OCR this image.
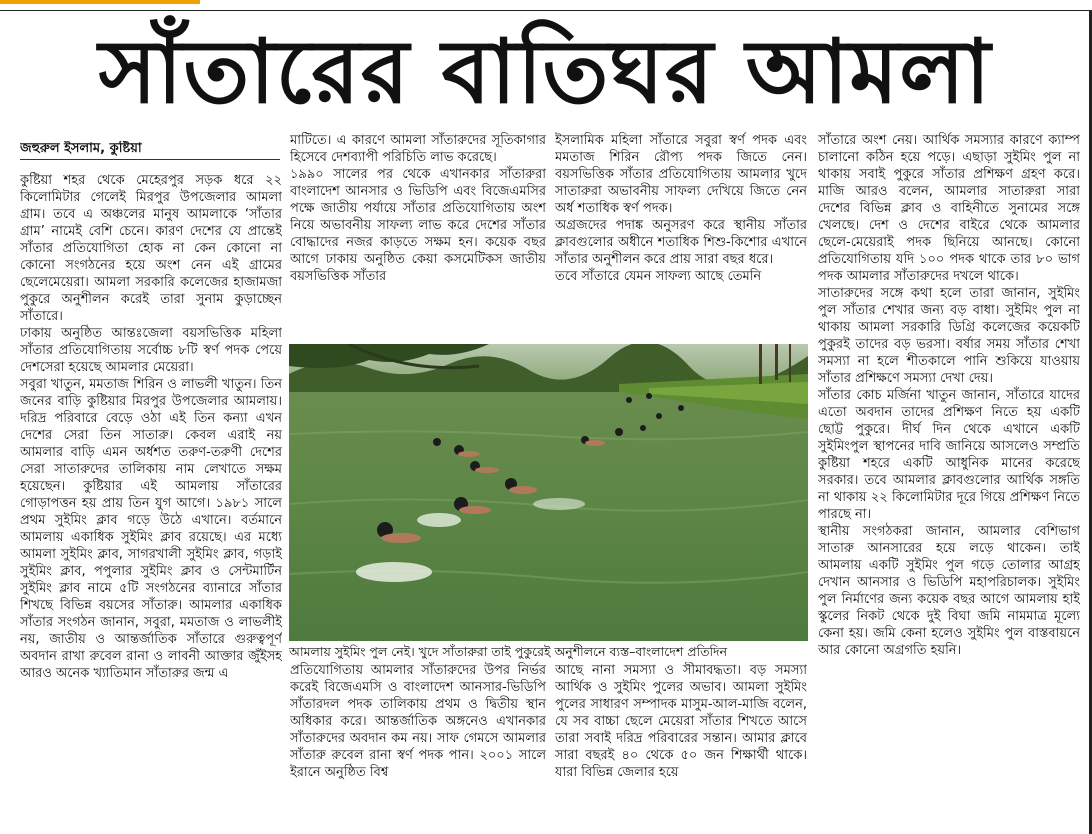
সাঁতারের বাতিঘর আমলা
জহুরুল ইসলাম, কুষ্টিয়া

কুষ্টিয়া শহর থেকে মেহেরপুর সড়ক ধরে ২২ কিলোমিটার গেলেই মিরপুর উপজেলার আমলা গ্রাম। তবে এ অঞ্চলের মানুষ আমলাকে ‘সাঁতার গ্রাম’ নামেই বেশি চেনে। কারণ দেশের যে প্রান্তেই সাঁতার প্রতিযোগিতা হোক না কেন কোনো না কোনো সংগঠনের হয়ে অংশ নেন এই গ্রামের ছেলেমেয়েরা। আমলা সরকারি কলেজের হাজামজা পুকুরে অনুশীলন করেই তারা সুনাম কুড়াচ্ছেন সাঁতারে।

ঢাকায় অনুষ্ঠিত আন্তঃজেলা বয়সভিত্তিক মহিলা সাঁতার প্রতিযোগিতায় সর্বোচ্চ ৮টি স্বর্ণ পদক পেয়ে দেশসেরা হয়েছে আমলার মেয়েরা।

সবুরা খাতুন, মমতাজ শিরিন ও লাভলী খাতুন। তিন জনের বাড়ি কুষ্টিয়ার মিরপুর উপজেলার আমলায়। দরিদ্র পরিবারে বেড়ে ওঠা এই তিন কন্যা এখন দেশের সেরা তিন সাতারু। কেবল এরাই নয় আমলার বাড়ি এমন অর্ধশত তরুণ-তরুণী দেশের সেরা সাতারুদের তালিকায় নাম লেখাতে সক্ষম হয়েছেন। কুষ্টিয়ার এই আমলায় সাঁতারের গোড়াপত্তন হয় প্রায় তিন যুগ আগে। ১৯৮১ সালে প্রথম সুইমিং ক্লাব গড়ে উঠে এখানে। বর্তমানে আমলায় একাধিক সুইমিং ক্লাব রয়েছে। এর মধ্যে আমলা সুইমিং ক্লাব, সাগরখালী সুইমিং ক্লাব, গড়াই সুইমিং ক্লাব, পপুলার সুইমিং ক্লাব ও সেন্টমার্টিন সুইমিং ক্লাব নামে ৫টি সংগঠনের ব্যানারে সাঁতার শিখছে বিভিন্ন বয়সের সাঁতারু। আমলার একাধিক সাঁতার সংগঠন জানান, সবুরা, মমতাজ ও লাভলীই নয়, জাতীয় ও আন্তর্জাতিক সাঁতারে গুরুত্বপূর্ণ অবদান রাখা রুবেল রানা ও লাবনী আক্তার জুঁইসহ আরও অনেক খ্যাতিমান সাঁতারুর জন্ম এ

মাটিতে। এ কারণে আমলা সাঁতারুদের সূতিকাগার হিসেবে দেশব্যাপী পরিচিতি লাভ করেছে।

১৯৯০ সালের পর থেকে এখানকার সাঁতারুরা বাংলাদেশ আনসার ও ভিডিপি এবং বিজেএমসির পক্ষে জাতীয় পর্যায়ে সাঁতার প্রতিযোগিতায় অংশ নিয়ে অভাবনীয় সাফল্য লাভ করে দেশের সাঁতার বোদ্ধাদের নজর কাড়তে সক্ষম হন। কয়েক বছর আগে ঢাকায় অনুষ্ঠিত কেয়া কসমেটিকস জাতীয় বয়সভিত্তিক সাঁতার

ইসলামিক মহিলা সাঁতারে সবুরা স্বর্ণ পদক এবং মমতাজ শিরিন রৌপ্য পদক জিতে নেন। বয়সভিত্তিক সাঁতার প্রতিযোগিতায় আমলার খুদে সাতারুরা অভাবনীয় সাফল্য দেখিয়ে জিতে নেন অর্ধ শতাধিক স্বর্ণ পদক।

অগ্রজদের পদাঙ্ক অনুসরণ করে স্থানীয় সাঁতার ক্লাবগুলোর অধীনে শতাধিক শিশু-কিশোর এখানে সাঁতার অনুশীলন করে প্রায় সারা বছর ধরে।

তবে সাঁতারে যেমন সাফল্য আছে তেমনি

আমলায় সুইমিং পুল নেই। খুদে সাঁতারুরা তাই পুকুরেই অনুশীলনে ব্যস্ত–বাংলাদেশ প্রতিদিন

প্রতিযোগিতায় আমলার সাঁতারুদের উপর নির্ভর করেই বিজেএমসি ও বাংলাদেশ আনসার-ভিডিপি সাঁতারদল পদক তালিকায় প্রথম ও দ্বিতীয় স্থান অধিকার করে। আন্তর্জাতিক অঙ্গনেও এখানকার সাঁতারুদের অবদান কম নয়। সাফ গেমসে আমলার সাঁতারু রুবেল রানা স্বর্ণ পদক পান। ২০০১ সালে ইরানে অনুষ্ঠিত বিশ্ব

আছে নানা সমস্যা ও সীমাবদ্ধতা। বড় সমস্যা আর্থিক ও সুইমিং পুলের অভাব। আমলা সুইমিং পুলের সাধারণ সম্পাদক মাসুম-আল-মাজি বলেন, যে সব বাচ্চা ছেলে মেয়েরা সাঁতার শিখতে আসে তারা সবাই দরিদ্র পরিবারের সন্তান। আমার ক্লাবে সারা বছরই ৪০ থেকে ৫০ জন শিক্ষার্থী থাকে। যারা বিভিন্ন জেলার হয়ে

সাঁতারে অংশ নেয়। আর্থিক সমস্যার কারণে ক্যাম্প চালানো কঠিন হয়ে পড়ে। এছাড়া সুইমিং পুল না থাকায় সবাই পুকুরে সাঁতার প্রশিক্ষণ গ্রহণ করে। মাজি আরও বলেন, আমলার সাতারুরা সারা দেশের বিভিন্ন ক্লাব ও বাহিনীতে সুনামের সঙ্গে খেলছে। দেশ ও দেশের বাইরে থেকে আমলার ছেলে-মেয়েরাই পদক ছিনিয়ে আনছে। কোনো প্রতিযোগিতায় যদি ১০০ পদক থাকে তার ৮০ ভাগ পদক আমলার সাঁতারুদের দখলে থাকে।

সাতারুদের সঙ্গে কথা হলে তারা জানান, সুইমিং পুল সাঁতার শেখার জন্য বড় বাধা। সুইমিং পুল না থাকায় আমলা সরকারি ডিগ্রি কলেজের কয়েকটি পুকুরই তাদের বড় ভরসা। বর্ষার সময় সাঁতার শেখা সমস্যা না হলে শীতকালে পানি শুকিয়ে যাওয়ায় সাঁতার প্রশিক্ষণে সমস্যা দেখা দেয়।

সাঁতার কোচ মর্জিনা খাতুন জানান, সাঁতারে যাদের এতো অবদান তাদের প্রশিক্ষণ নিতে হয় একটি ছোট্ট পুকুরে। দীর্ঘ দিন থেকে এখানে একটি সুইমিংপুল স্থাপনের দাবি জানিয়ে আসলেও সম্প্রতি কুষ্টিয়া শহরে একটি আধুনিক মানের করেছে সরকার। তবে আমলার ক্লাবগুলোর আর্থিক সঙ্গতি না থাকায় ২২ কিলোমিটার দূরে গিয়ে প্রশিক্ষণ নিতে পারছে না।

স্থানীয় সংগঠকরা জানান, আমলার বেশিভাগ সাতারু আনসারের হয়ে লড়ে থাকেন। তাই আমলায় একটি সুইমিং পুল গড়ে তোলার আগ্রহ দেখান আনসার ও ভিডিপি মহাপরিচালক। সুইমিং পুল নির্মাণের জন্য কয়েক বছর আগে আমলায় হাই স্কুলের নিকট থেকে দুই বিঘা জমি নামমাত্র মূল্যে কেনা হয়। জমি কেনা হলেও সুইমিং পুল বাস্তবায়নে আর কোনো অগ্রগতি হয়নি।
